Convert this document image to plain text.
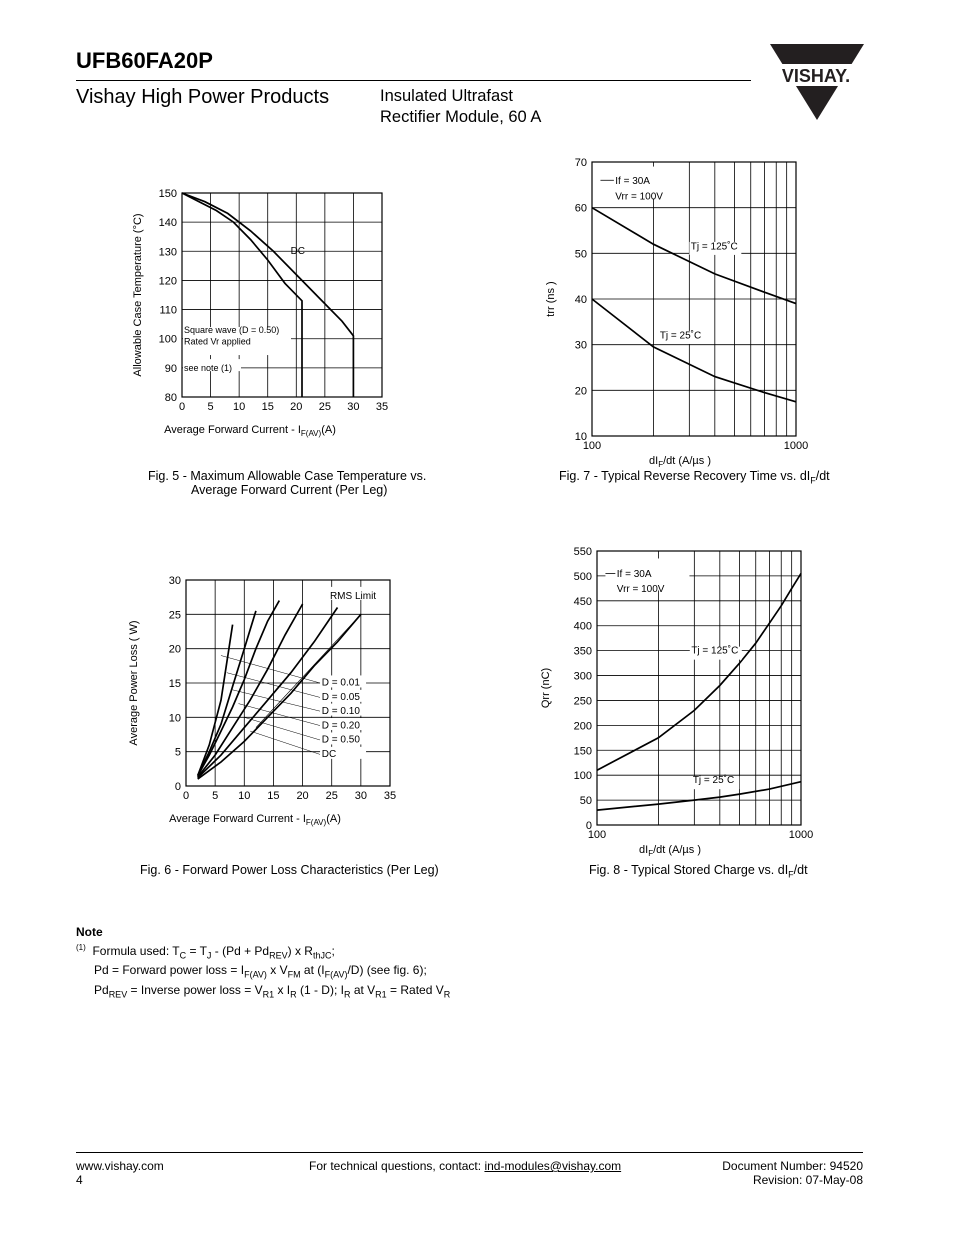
UFB60FA20P
Vishay High Power Products	Insulated Ultrafast
Rectifier Module, 60 A
VISHAY.
0 5 10 15 20 25 30 35
80
90
100
110
120
130
140
150
Average Forward Current - $I_{F(AV)}(A)$
Allowable Case Temperature (°C)	DC
Square wave (D = 0.50)
Rated Vr applied
see note (1)
Fig. 5 - Maximum Allowable Case Temperature vs.
Average Forward Current (Per Leg)
100	1000
10
20
30
40
50
60
70
$dI_F/dt$ (A/µs )
trr (ns )
If = 30A
Vrr = 100V
Tj = 125˚C
Tj = 25˚C
Fig. 7 - Typical Reverse Recovery Time vs. $dI_F/dt$
0 5 10 15 20 25 30 35
0
5
10
15
20
25
30
Average Forward Current - $I_{F(AV)}(A)$
Average Power Loss ( W)
RMS Limit
D = 0.01
D = 0.05
D = 0.10
D = 0.20
D = 0.50
DC
Fig. 6 - Forward Power Loss Characteristics (Per Leg)
100	1000
0
50
100
150
200
250
300
350
400
450
500
550
$dI_F/dt$ (A/µs )
Qrr (nC)
If = 30A
Vrr = 100V
Tj = 125˚C
Tj = 25˚C
Fig. 8 - Typical Stored Charge vs. $dI_F/dt$
Note
$^{(1)}$ Formula used: $T_C = T_J - (Pd + Pd_{REV})$ x $R_{thJC}$;
Pd = Forward power loss = $I_{F(AV)}$ x $V_{FM}$ at $(I_{F(AV)}/D)$ (see fig. 6);
$Pd_{REV}$ = Inverse power loss = $V_{R1}$ x $I_R$ (1 - D); $I_R$ at $V_{R1}$ = Rated $V_R$
www.vishay.com
4
For technical questions, contact: ind-modules@vishay.com	Document Number: 94520
Revision: 07-May-08
